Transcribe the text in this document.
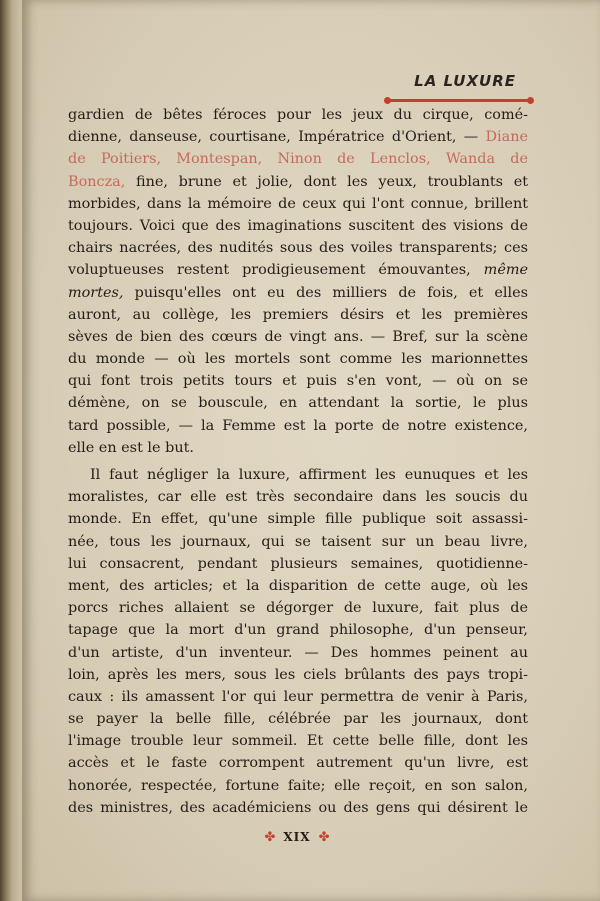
LA LUXURE
gardien de bêtes féroces pour les jeux du cirque, comé-
dienne, danseuse, courtisane, Impératrice d'Orient, — Diane
de Poitiers, Montespan, Ninon de Lenclos, Wanda de
Boncza, fine, brune et jolie, dont les yeux, troublants et
morbides, dans la mémoire de ceux qui l'ont connue, brillent
toujours. Voici que des imaginations suscitent des visions de
chairs nacrées, des nudités sous des voiles transparents; ces
voluptueuses restent prodigieusement émouvantes, même
mortes, puisqu'elles ont eu des milliers de fois, et elles
auront, au collège, les premiers désirs et les premières
sèves de bien des cœurs de vingt ans. — Bref, sur la scène
du monde — où les mortels sont comme les marionnettes
qui font trois petits tours et puis s'en vont, — où on se
démène, on se bouscule, en attendant la sortie, le plus
tard possible, — la Femme est la porte de notre existence,
elle en est le but.
Il faut négliger la luxure, affirment les eunuques et les
moralistes, car elle est très secondaire dans les soucis du
monde. En effet, qu'une simple fille publique soit assassi-
née, tous les journaux, qui se taisent sur un beau livre,
lui consacrent, pendant plusieurs semaines, quotidienne-
ment, des articles; et la disparition de cette auge, où les
porcs riches allaient se dégorger de luxure, fait plus de
tapage que la mort d'un grand philosophe, d'un penseur,
d'un artiste, d'un inventeur. — Des hommes peinent au
loin, après les mers, sous les ciels brûlants des pays tropi-
caux : ils amassent l'or qui leur permettra de venir à Paris,
se payer la belle fille, célébrée par les journaux, dont
l'image trouble leur sommeil. Et cette belle fille, dont les
accès et le faste corrompent autrement qu'un livre, est
honorée, respectée, fortune faite; elle reçoit, en son salon,
des ministres, des académiciens ou des gens qui désirent le
✤ XIX ✤
